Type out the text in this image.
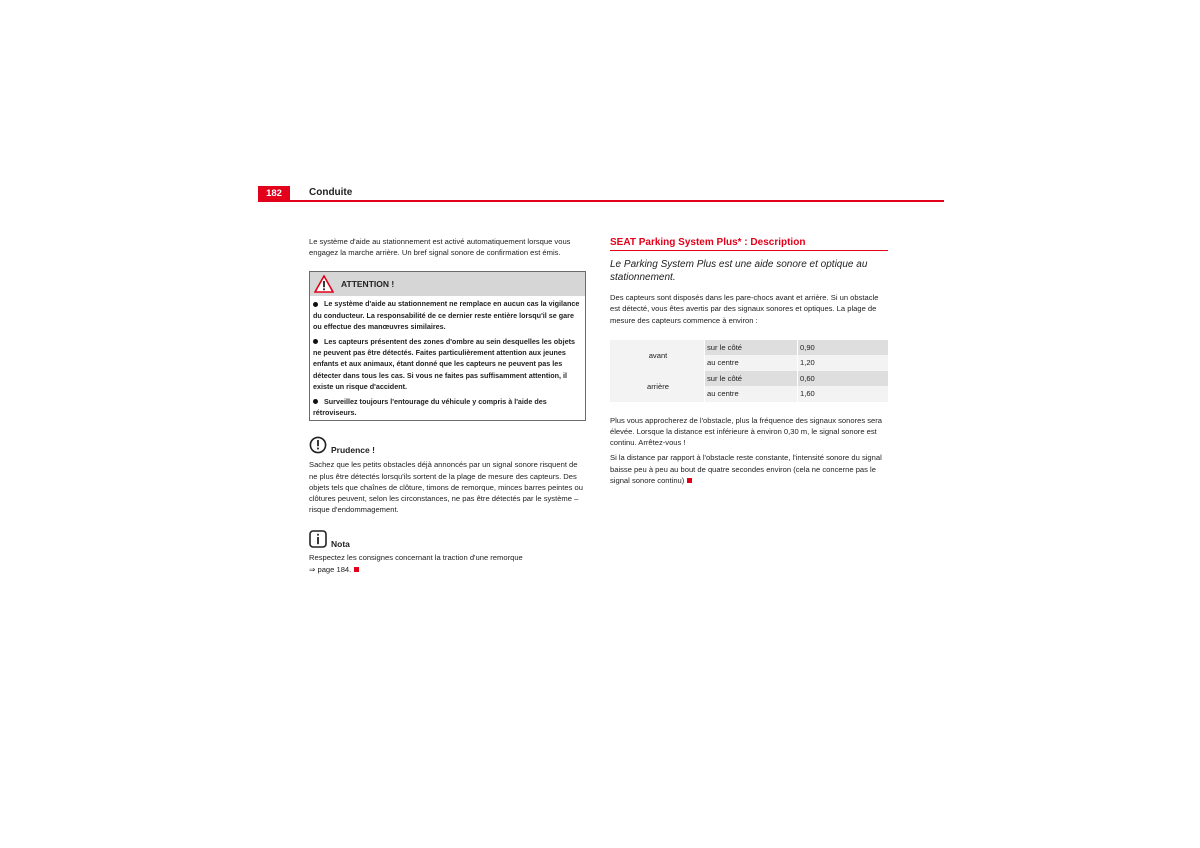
182	Conduite

Le système d'aide au stationnement est activé automatiquement lorsque vous engagez la marche arrière. Un bref signal sonore de confirmation est émis.

ATTENTION !
Le système d'aide au stationnement ne remplace en aucun cas la vigilance du conducteur. La responsabilité de ce dernier reste entière lorsqu'il se gare ou effectue des manœuvres similaires.
Les capteurs présentent des zones d'ombre au sein desquelles les objets ne peuvent pas être détectés. Faites particulièrement attention aux jeunes enfants et aux animaux, étant donné que les capteurs ne peuvent pas les détecter dans tous les cas. Si vous ne faites pas suffisamment attention, il existe un risque d'accident.
Surveillez toujours l'entourage du véhicule y compris à l'aide des rétroviseurs.
Prudence !

Sachez que les petits obstacles déjà annoncés par un signal sonore risquent de ne plus être détectés lorsqu'ils sortent de la plage de mesure des capteurs. Des objets tels que chaînes de clôture, timons de remorque, minces barres peintes ou clôtures peuvent, selon les circonstances, ne pas être détectés par le système – risque d'endommagement.

Nota

Respectez les consignes concernant la traction d'une remorque

⇒ page 184.

SEAT Parking System Plus* : Description
Le Parking System Plus est une aide sonore et optique au stationnement.

Des capteurs sont disposés dans les pare-chocs avant et arrière. Si un obstacle est détecté, vous êtes avertis par des signaux sonores et optiques. La plage de mesure des capteurs commence à environ :

avant	sur le côté	0,90
	au centre	1,20
arrière	sur le côté	0,60
	au centre	1,60

Plus vous approcherez de l'obstacle, plus la fréquence des signaux sonores sera élevée. Lorsque la distance est inférieure à environ 0,30 m, le signal sonore est continu. Arrêtez-vous !

Si la distance par rapport à l'obstacle reste constante, l'intensité sonore du signal baisse peu à peu au bout de quatre secondes environ (cela ne concerne pas le signal sonore continu)
